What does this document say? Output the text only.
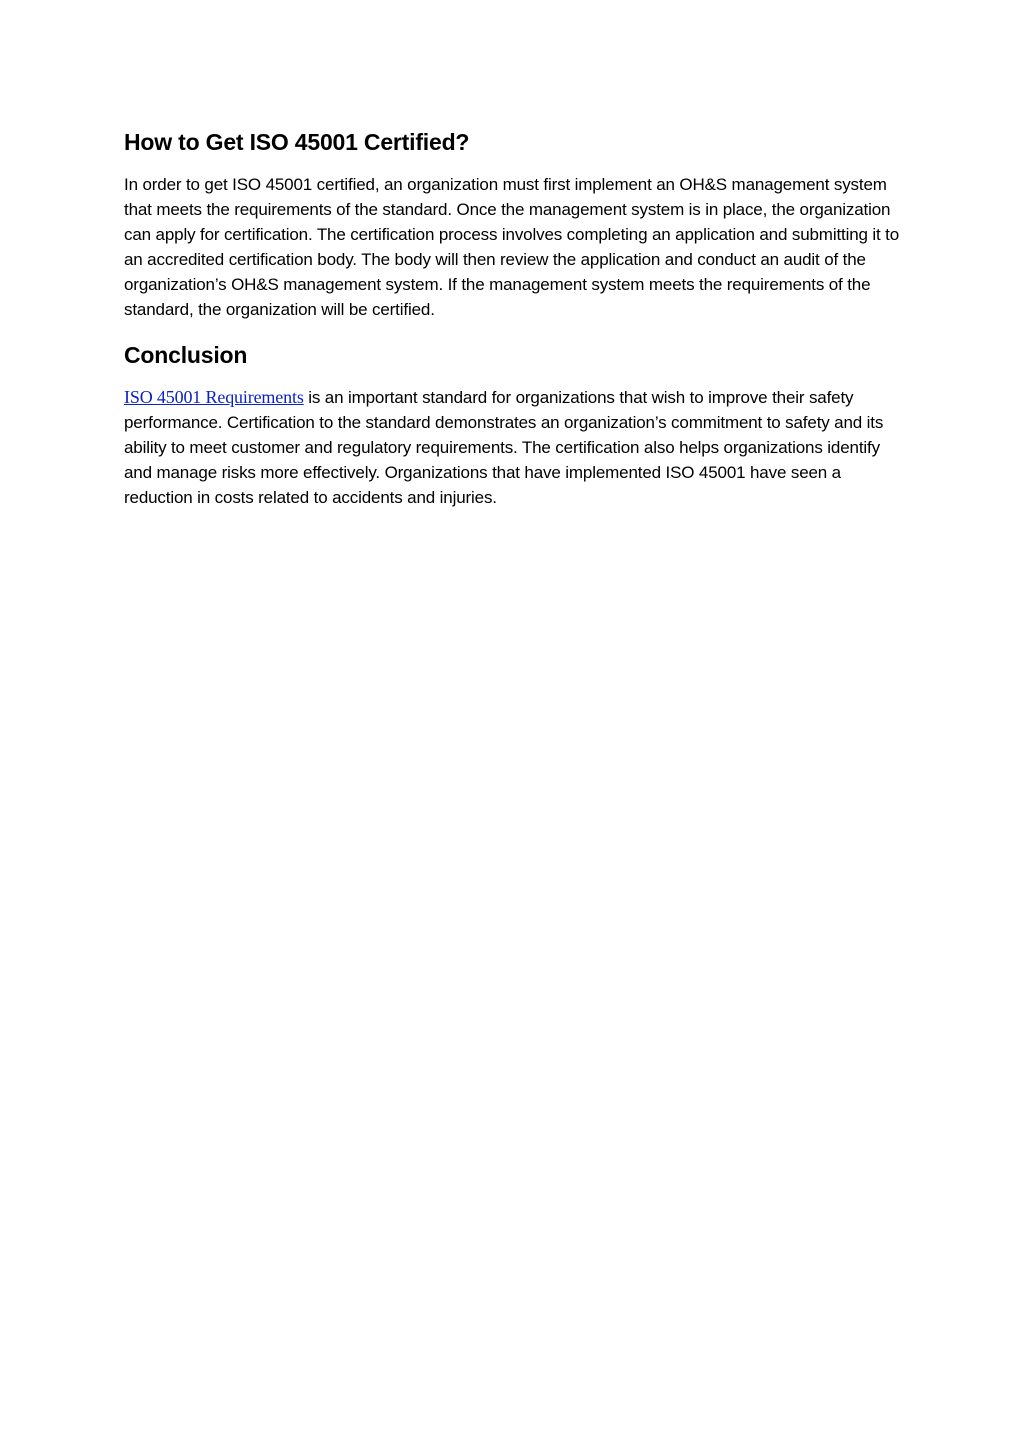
How to Get ISO 45001 Certified?

In order to get ISO 45001 certified, an organization must first implement an OH&S management system that meets the requirements of the standard. Once the management system is in place, the organization can apply for certification. The certification process involves completing an application and submitting it to an accredited certification body. The body will then review the application and conduct an audit of the organization’s OH&S management system. If the management system meets the requirements of the standard, the organization will be certified.

Conclusion

ISO 45001 Requirements is an important standard for organizations that wish to improve their safety performance. Certification to the standard demonstrates an organization’s commitment to safety and its ability to meet customer and regulatory requirements. The certification also helps organizations identify and manage risks more effectively. Organizations that have implemented ISO 45001 have seen a reduction in costs related to accidents and injuries.
